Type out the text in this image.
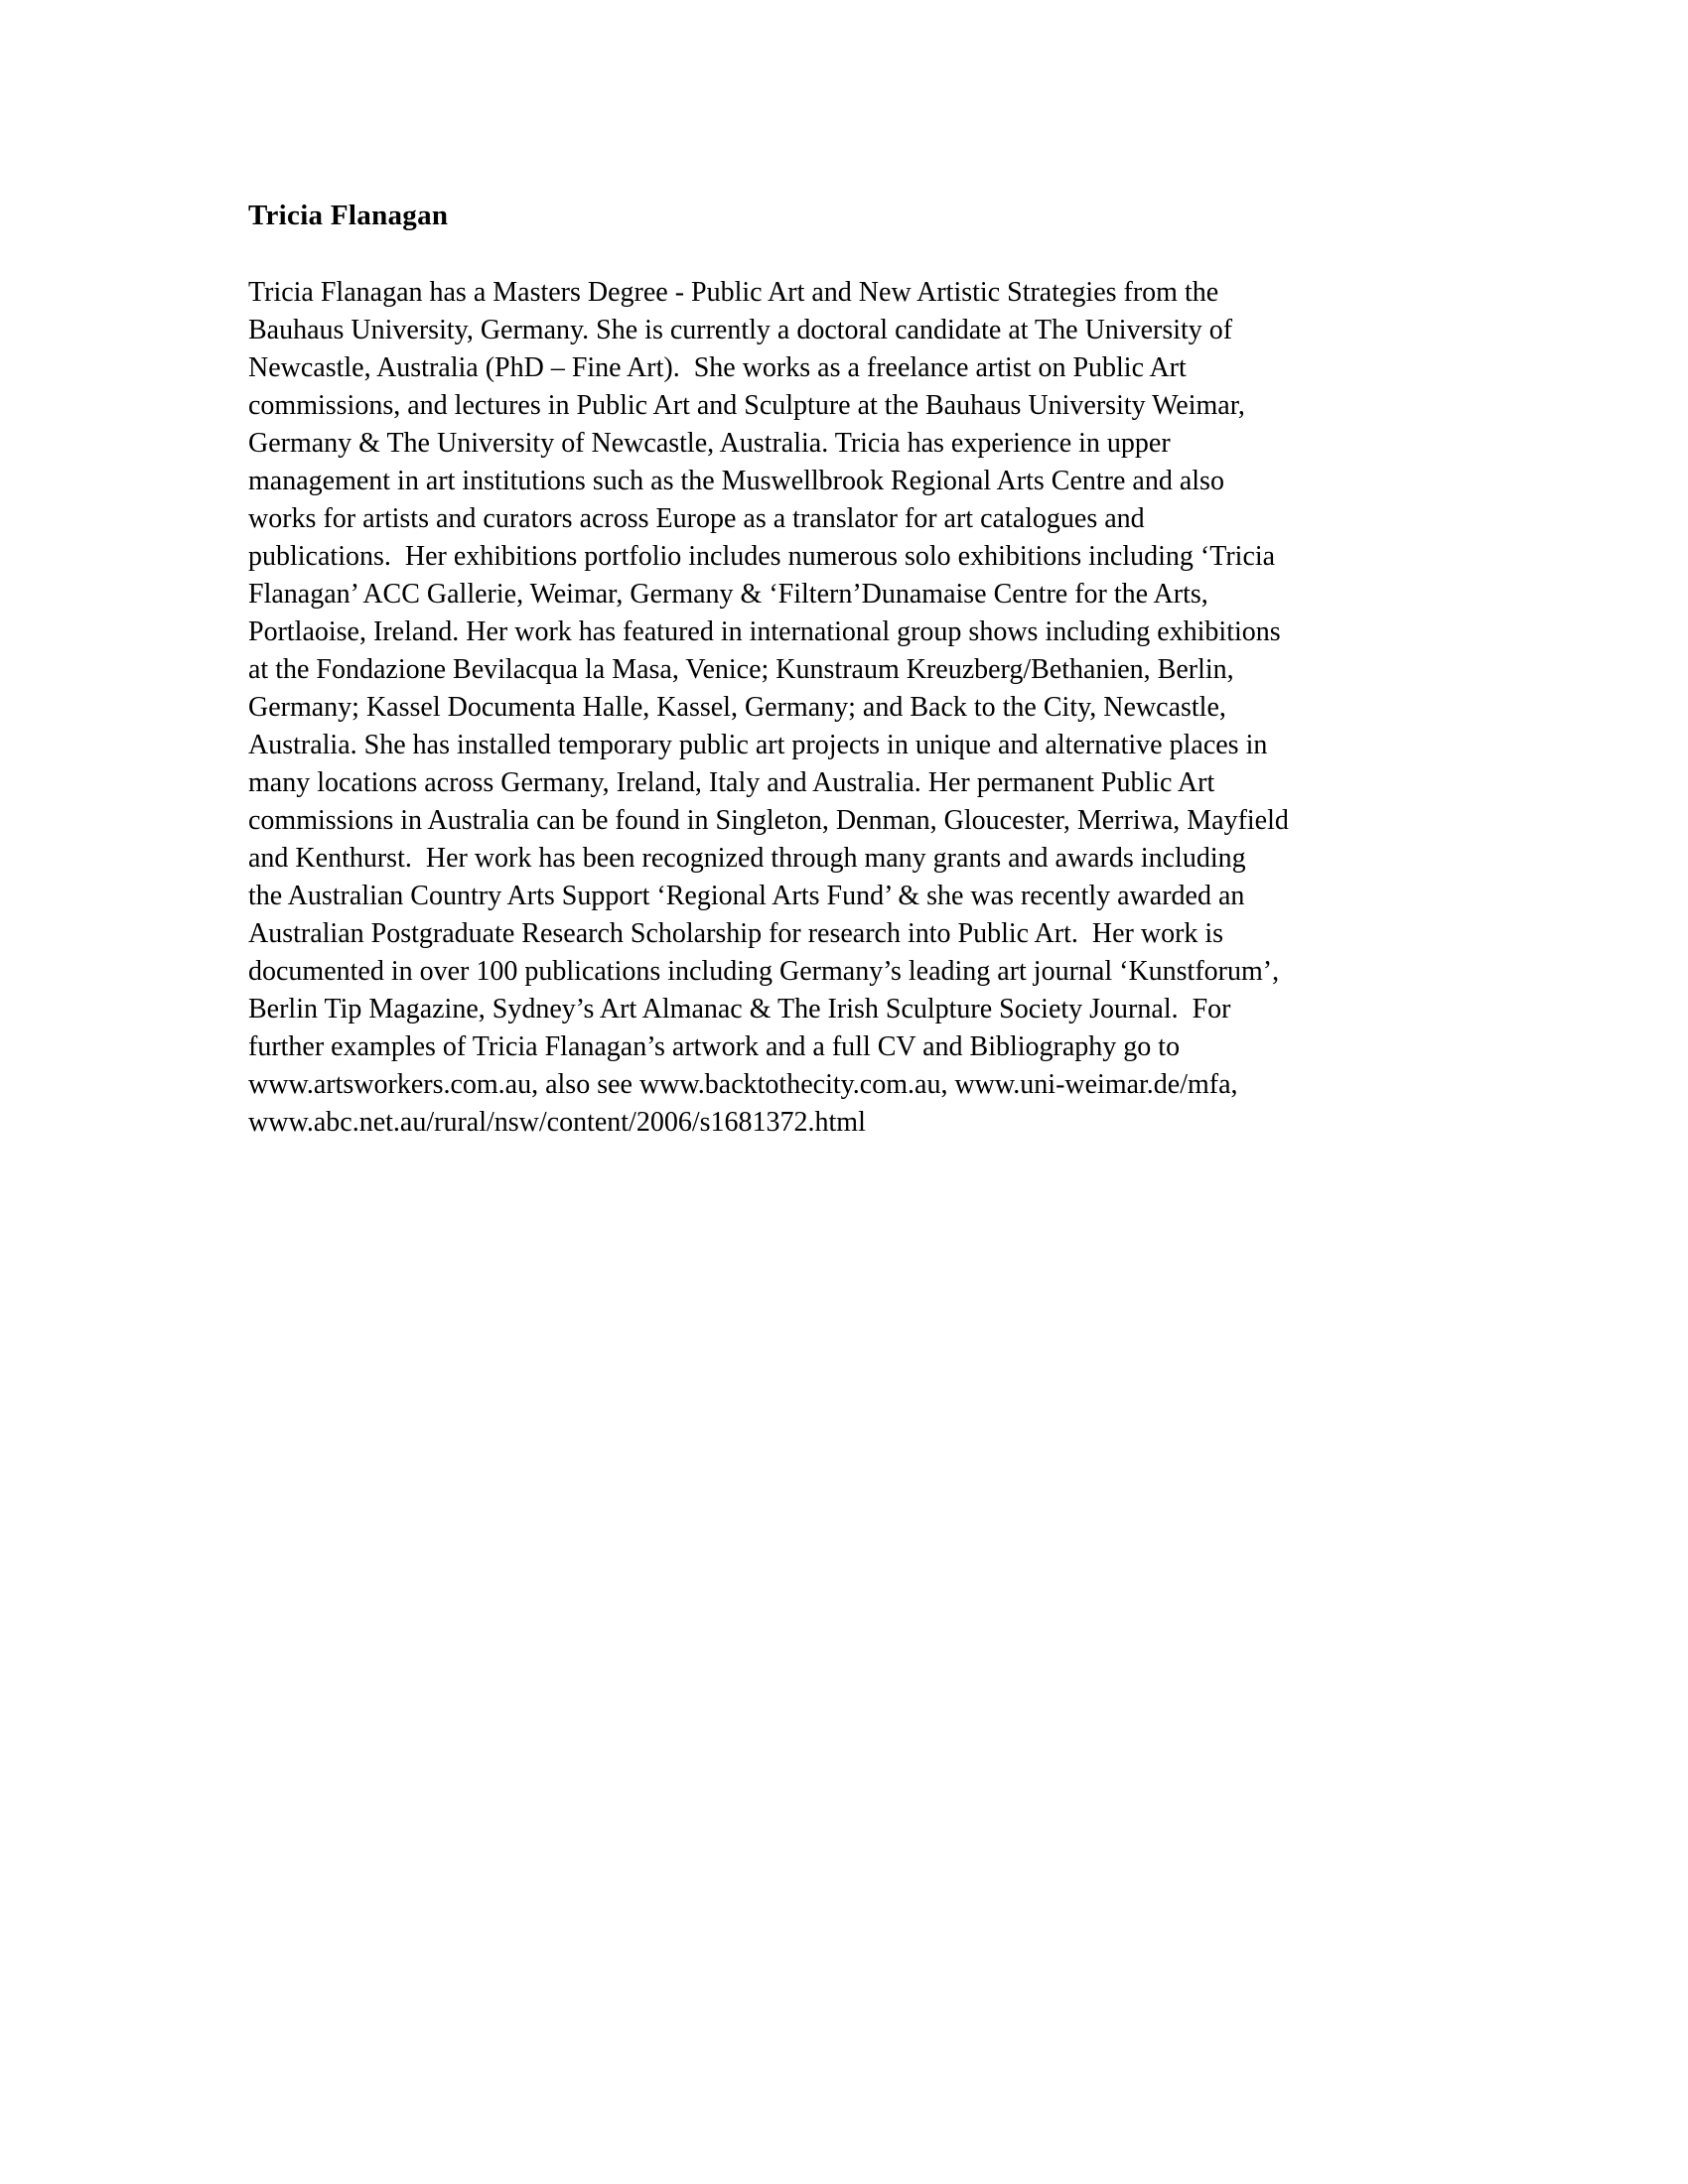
Tricia Flanagan
Tricia Flanagan has a Masters Degree - Public Art and New Artistic Strategies from the
Bauhaus University, Germany. She is currently a doctoral candidate at The University of
Newcastle, Australia (PhD – Fine Art).  She works as a freelance artist on Public Art
commissions, and lectures in Public Art and Sculpture at the Bauhaus University Weimar,
Germany & The University of Newcastle, Australia. Tricia has experience in upper
management in art institutions such as the Muswellbrook Regional Arts Centre and also
works for artists and curators across Europe as a translator for art catalogues and
publications.  Her exhibitions portfolio includes numerous solo exhibitions including ‘Tricia
Flanagan’ ACC Gallerie, Weimar, Germany & ‘Filtern’Dunamaise Centre for the Arts,
Portlaoise, Ireland. Her work has featured in international group shows including exhibitions
at the Fondazione Bevilacqua la Masa, Venice; Kunstraum Kreuzberg/Bethanien, Berlin,
Germany; Kassel Documenta Halle, Kassel, Germany; and Back to the City, Newcastle,
Australia. She has installed temporary public art projects in unique and alternative places in
many locations across Germany, Ireland, Italy and Australia. Her permanent Public Art
commissions in Australia can be found in Singleton, Denman, Gloucester, Merriwa, Mayfield
and Kenthurst.  Her work has been recognized through many grants and awards including
the Australian Country Arts Support ‘Regional Arts Fund’ & she was recently awarded an
Australian Postgraduate Research Scholarship for research into Public Art.  Her work is
documented in over 100 publications including Germany’s leading art journal ‘Kunstforum’,
Berlin Tip Magazine, Sydney’s Art Almanac & The Irish Sculpture Society Journal.  For
further examples of Tricia Flanagan’s artwork and a full CV and Bibliography go to
www.artsworkers.com.au, also see www.backtothecity.com.au, www.uni-weimar.de/mfa,
www.abc.net.au/rural/nsw/content/2006/s1681372.html
